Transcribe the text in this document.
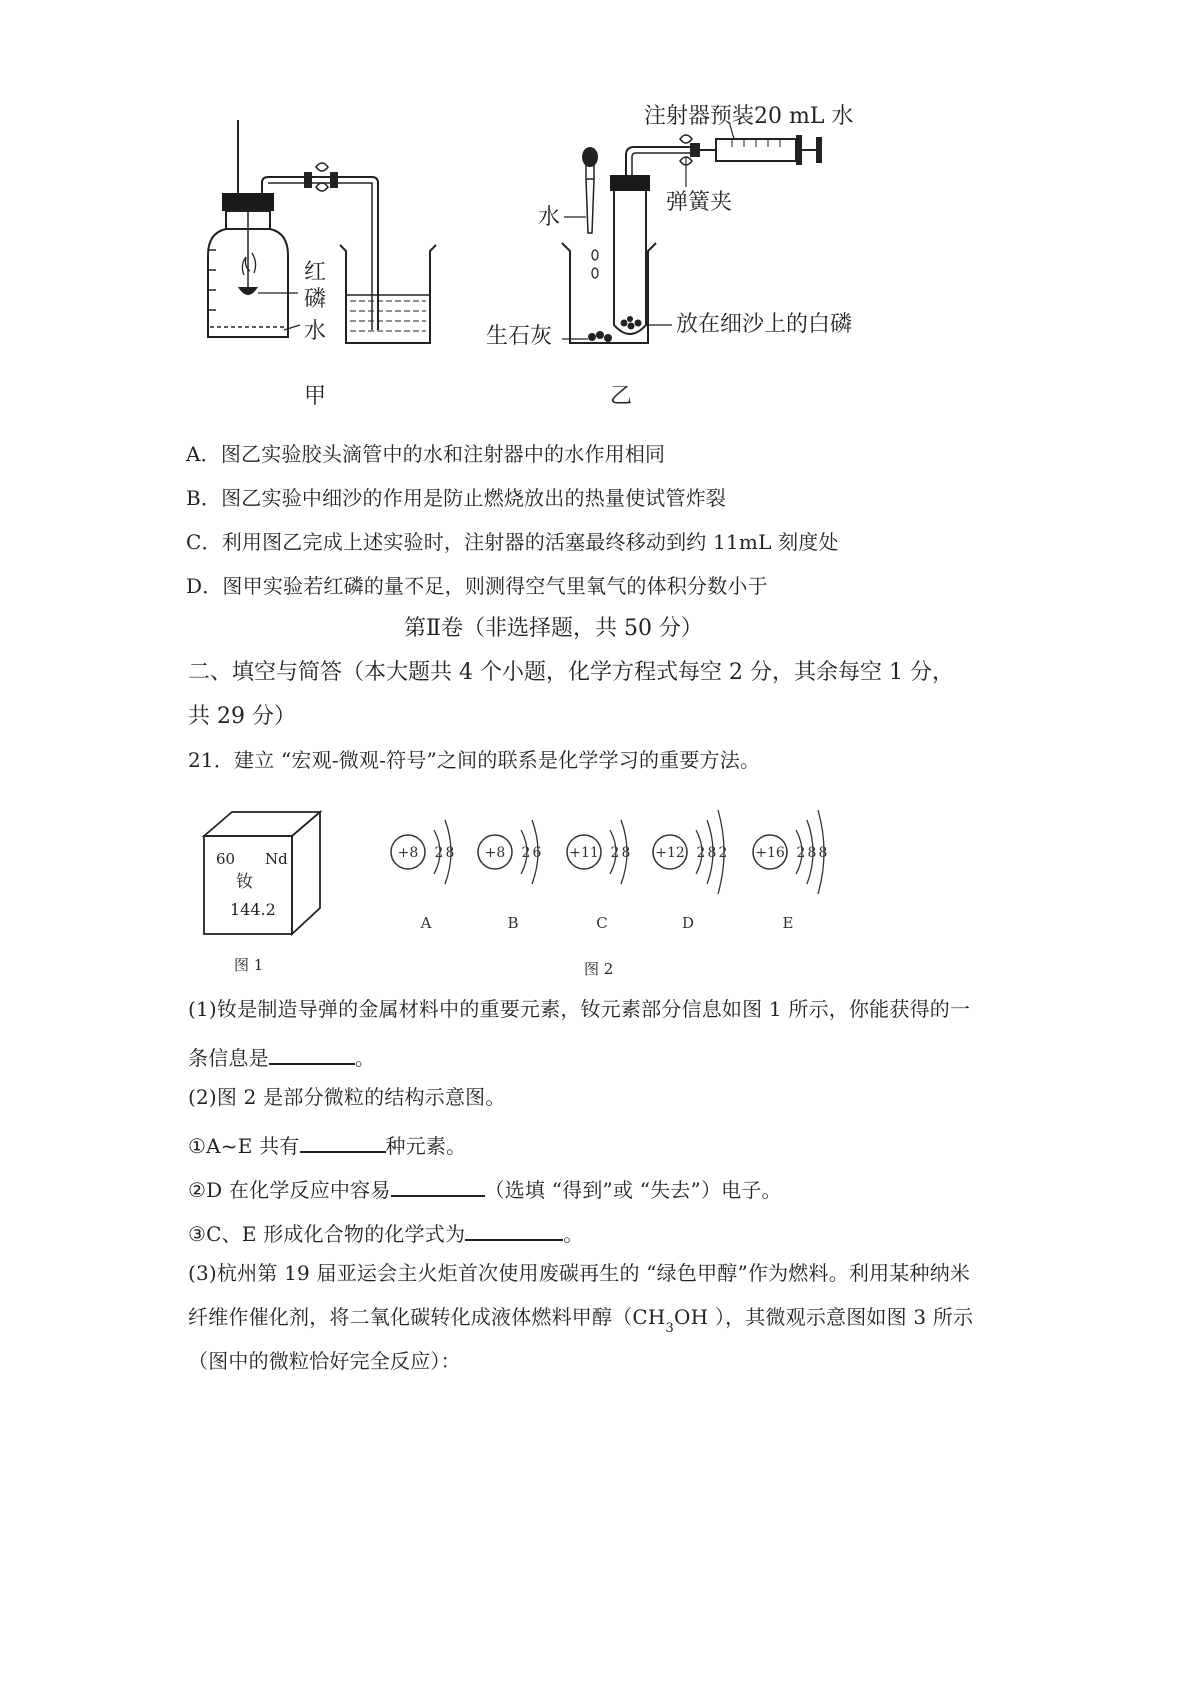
红
磷
水
甲
注射器预装20 mL 水
弹簧夹
水
生石灰	放在细沙上的白磷
乙
A．图乙实验胶头滴管中的水和注射器中的水作用相同
B．图乙实验中细沙的作用是防止燃烧放出的热量使试管炸裂
C．利用图乙完成上述实验时，注射器的活塞最终移动到约 11mL 刻度处
D．图甲实验若红磷的量不足，则测得空气里氧气的体积分数小于
第Ⅱ卷（非选择题，共 50 分）
二、填空与简答（本大题共 4 个小题，化学方程式每空 2 分，其余每空 1 分，
共 29 分）
21．建立 “宏观-微观-符号”之间的联系是化学学习的重要方法。
60 Nd
钕
144.2
图 1
+8 2 8
A
+8 2 6
B
+11 2 8
C
+12 2 8 2
D
+16 2 8 8
E
图 2
(1)钕是制造导弹的金属材料中的重要元素，钕元素部分信息如图 1 所示，你能获得的一
条信息是	。
(2)图 2 是部分微粒的结构示意图。
①A~E 共有	种元素。
②D 在化学反应中容易	（选填 “得到”或 “失去”）电子。
③C、E 形成化合物的化学式为	。
(3)杭州第 19 届亚运会主火炬首次使用废碳再生的 “绿色甲醇”作为燃料。利用某种纳米
纤维作催化剂，将二氧化碳转化成液体燃料甲醇（$CH_3OH$ ），其微观示意图如图 3 所示
（图中的微粒恰好完全反应）：
